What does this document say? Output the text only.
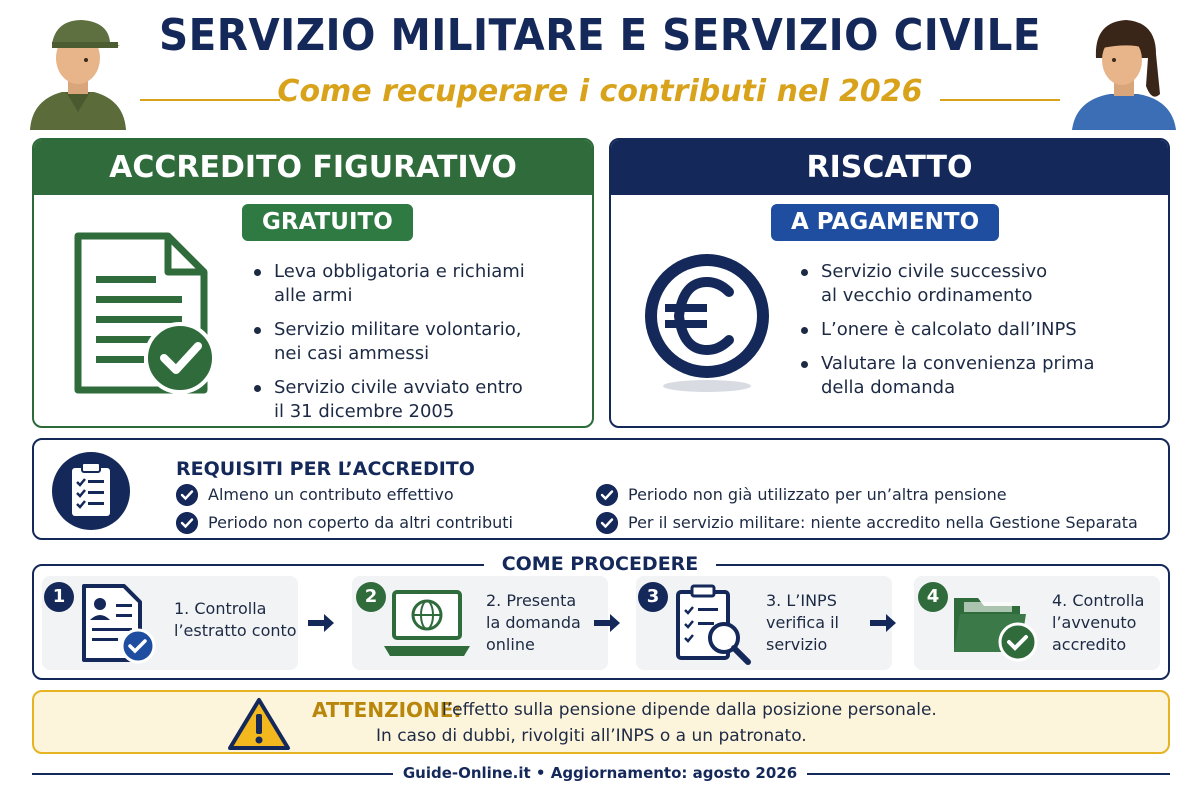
SERVIZIO MILITARE E SERVIZIO CIVILE
Come recuperare i contributi nel 2026
ACCREDITO FIGURATIVO
GRATUITO
Leva obbligatoria e richiami
alle armi
Servizio militare volontario,
nei casi ammessi
Servizio civile avviato entro
il 31 dicembre 2005
RISCATTO
A PAGAMENTO
Servizio civile successivo
al vecchio ordinamento
L’onere è calcolato dall’INPS
Valutare la convenienza prima
della domanda
REQUISITI PER L’ACCREDITO
Almeno un contributo effettivo
Periodo non coperto da altri contributi
Periodo non già utilizzato per un’altra pensione
Per il servizio militare: niente accredito nella Gestione Separata
COME PROCEDERE
1
1. Controlla
l’estratto conto
2	2. Presenta
la domanda
online
3	3. L’INPS
verifica il
servizio
4	4. Controlla
l’avvenuto
accredito
ATTENZIONE:
l’effetto sulla pensione dipende dalla posizione personale.
In caso di dubbi, rivolgiti all’INPS o a un patronato.
Guide-Online.it • Aggiornamento: agosto 2026
